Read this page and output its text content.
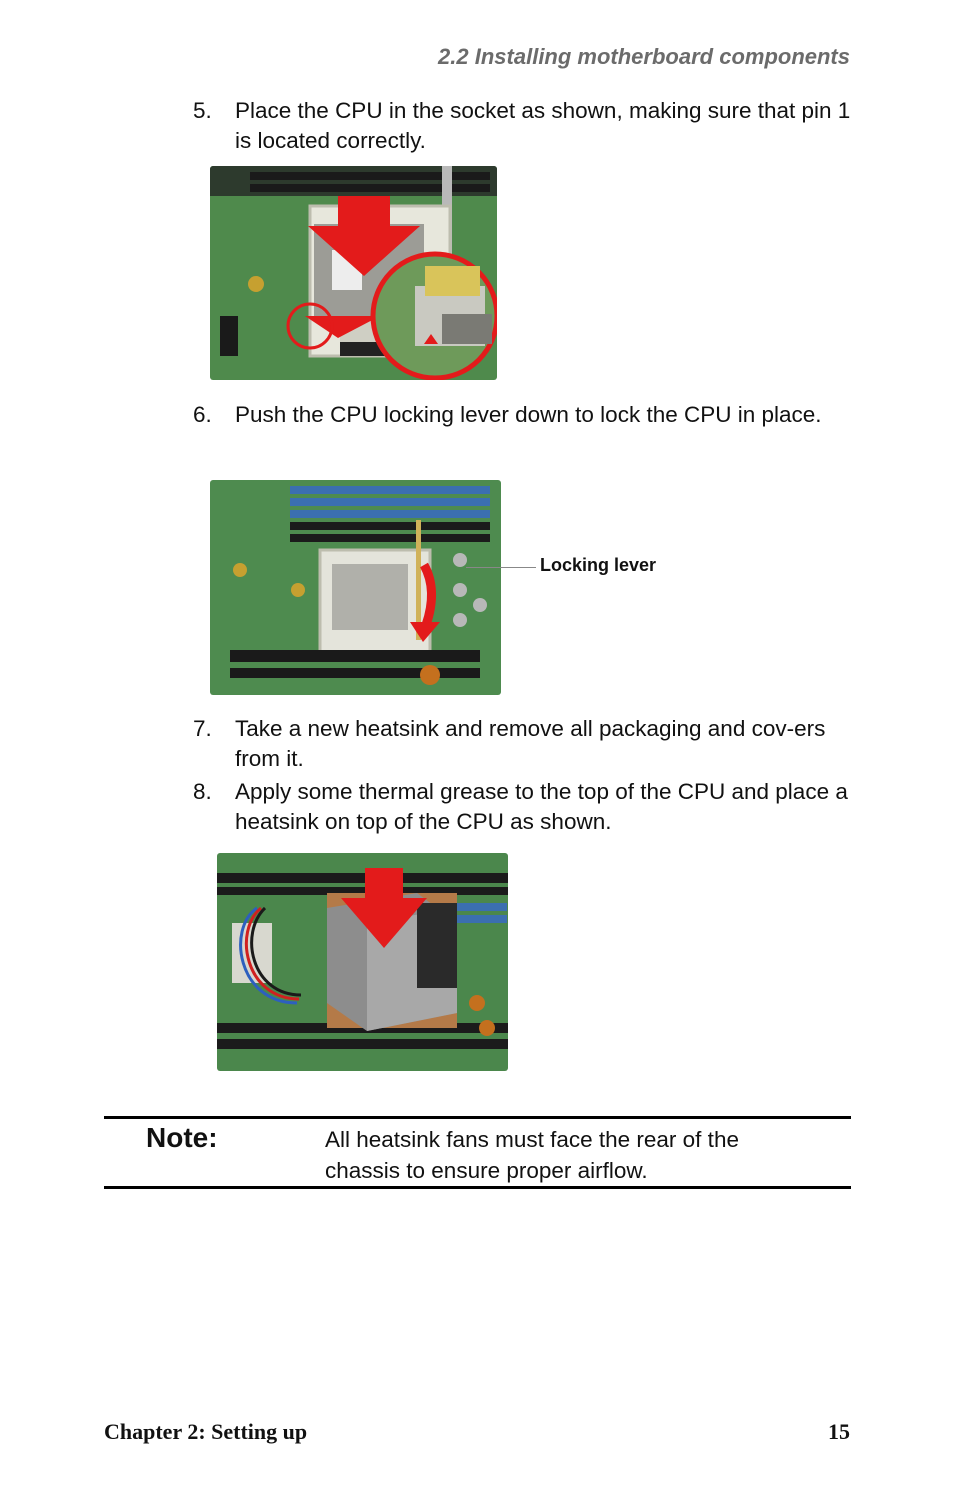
2.2 Installing motherboard components
5. Place the CPU in the socket as shown, making sure that pin 1 is located correctly.
6. Push the CPU locking lever down to lock the CPU in place.
Locking lever
7. Take a new heatsink and remove all packaging and cov-ers from it.
8. Apply some thermal grease to the top of the CPU and place a heatsink on top of the CPU as shown.
Note:	All heatsink fans must face the rear of the chassis to ensure proper airflow.
Chapter 2: Setting up	15
